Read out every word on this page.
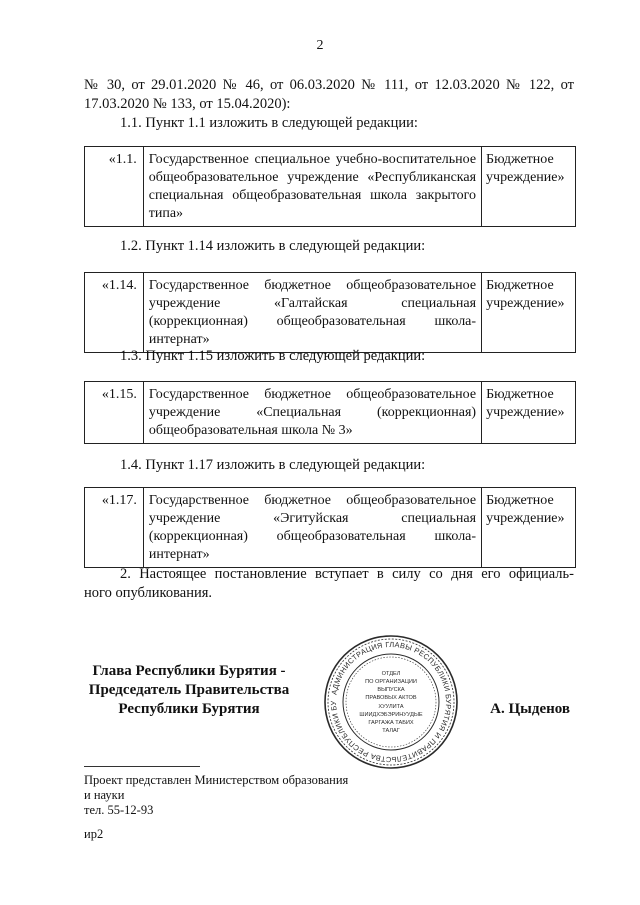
2
№ 30, от 29.01.2020 № 46, от 06.03.2020 № 111, от 12.03.2020 № 122, от
17.03.2020 № 133, от 15.04.2020):
1.1. Пункт 1.1 изложить в следующей редакции:
«1.1.	Государственное специальное учебно-воспитательное общеобразовательное учреждение «Республиканская специальная общеобразовательная школа закрытого типа»	Бюджетное учреждение»
1.2. Пункт 1.14 изложить в следующей редакции:
«1.14.	Государственное бюджетное общеобразовательное учреждение «Галтайская специальная (коррекционная) общеобразовательная школа-интернат»	Бюджетное учреждение»
1.3. Пункт 1.15 изложить в следующей редакции:
«1.15.	Государственное бюджетное общеобразовательное учреждение «Специальная (коррекционная) общеобразовательная школа № 3»	Бюджетное учреждение»
1.4. Пункт 1.17 изложить в следующей редакции:
«1.17.	Государственное бюджетное общеобразовательное учреждение «Эгитуйская специальная (коррекционная) общеобразовательная школа-интернат»	Бюджетное учреждение»
2. Настоящее постановление вступает в силу со дня его официаль-
ного опубликования.
Глава Республики Бурятия -
Председатель Правительства
Республики Бурятия	А. Цыденов
АДМИНИСТРАЦИЯ ГЛАВЫ РЕСПУБЛИКИ БУРЯТИЯ И ПРАВИТЕЛЬСТВА РЕСПУБЛИКИ БУ
ОТДЕЛ
ПО ОРГАНИЗАЦИИ
ВЫПУСКА
ПРАВОВЫХ АКТОВ
ХУУЛИТА
ШИИДХЭБЭРИНУУДЫЕ
ГАРГАЖА ТАБИХ
ТАЛАГ
Проект представлен Министерством образования
и науки
тел. 55-12-93
ир2
